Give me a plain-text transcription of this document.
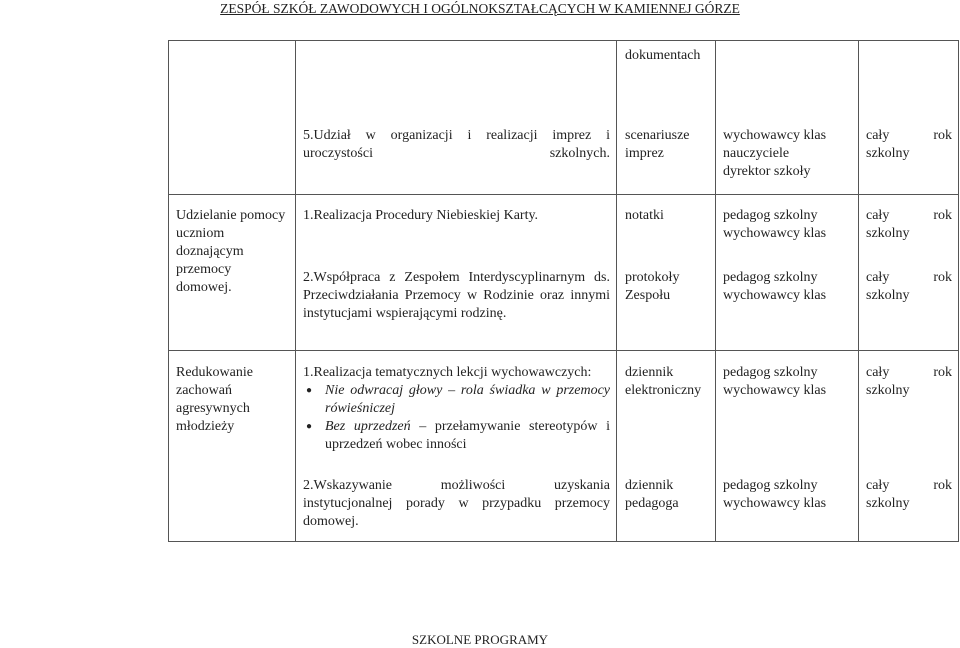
ZESPÓŁ SZKÓŁ ZAWODOWYCH I OGÓLNOKSZTAŁCĄCYCH W KAMIENNEJ GÓRZE
dokumentach
5.Udział w organizacji i realizacji imprez i uroczystości szkolnych.
scenariusze imprez
wychowawcy klas
nauczyciele
dyrektor szkoły
cały rok
szkolny
Udzielanie pomocy uczniom doznającym przemocy domowej.
1.Realizacja Procedury Niebieskiej Karty.	notatki	pedagog szkolny
wychowawcy klas
cały rok
szkolny
2.Współpraca z Zespołem Interdyscyplinarnym ds. Przeciwdziałania Przemocy w Rodzinie oraz innymi instytucjami wspierającymi rodzinę.
protokoły Zespołu
pedagog szkolny
wychowawcy klas
cały rok
szkolny
Redukowanie zachowań agresywnych młodzieży
1.Realizacja tematycznych lekcji wychowawczych:
● Nie odwracaj głowy – rola świadka w przemocy rówieśniczej
● Bez uprzedzeń – przełamywanie stereotypów i uprzedzeń wobec inności
dziennik elektroniczny
pedagog szkolny
wychowawcy klas
cały rok
szkolny
2.Wskazywanie możliwości uzyskania instytucjonalnej porady w przypadku przemocy domowej.
dziennik pedagoga
pedagog szkolny
wychowawcy klas
cały rok
szkolny
SZKOLNE PROGRAMY
